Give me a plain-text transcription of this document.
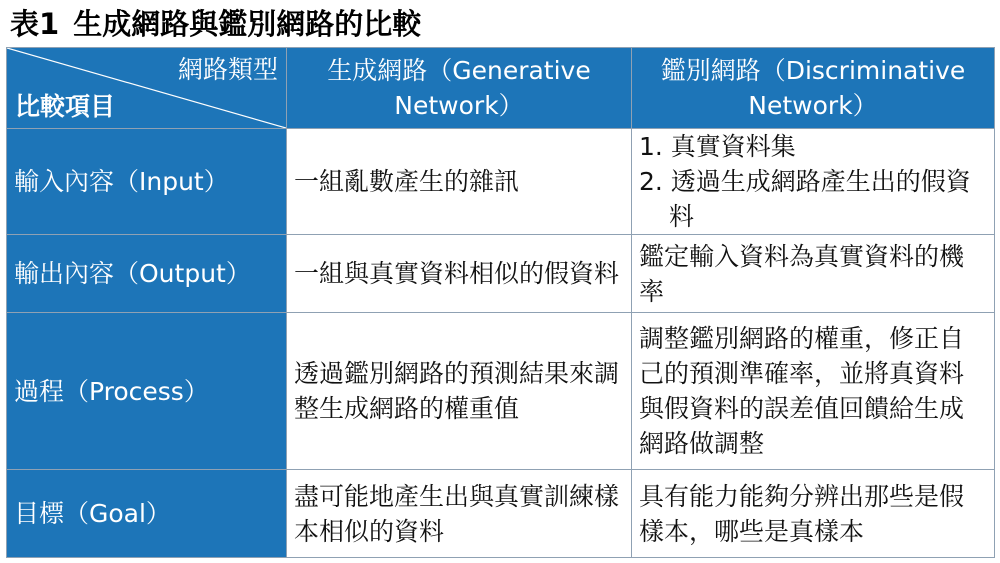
表1 生成網路與鑑別網路的比較
網路類型
比較項目	生成網路（Generative Network）	鑑別網路（Discriminative Network）
輸入內容（Input）	一組亂數產生的雜訊	1. 真實資料集
2. 透過生成網路產生出的假資料

輸出內容（Output）	一組與真實資料相似的假資料	鑑定輸入資料為真實資料的機率
過程（Process）	透過鑑別網路的預測結果來調整生成網路的權重值	調整鑑別網路的權重，修正自己的預測準確率，並將真資料與假資料的誤差值回饋給生成網路做調整
目標（Goal）	盡可能地產生出與真實訓練樣本相似的資料	具有能力能夠分辨出那些是假樣本，哪些是真樣本
